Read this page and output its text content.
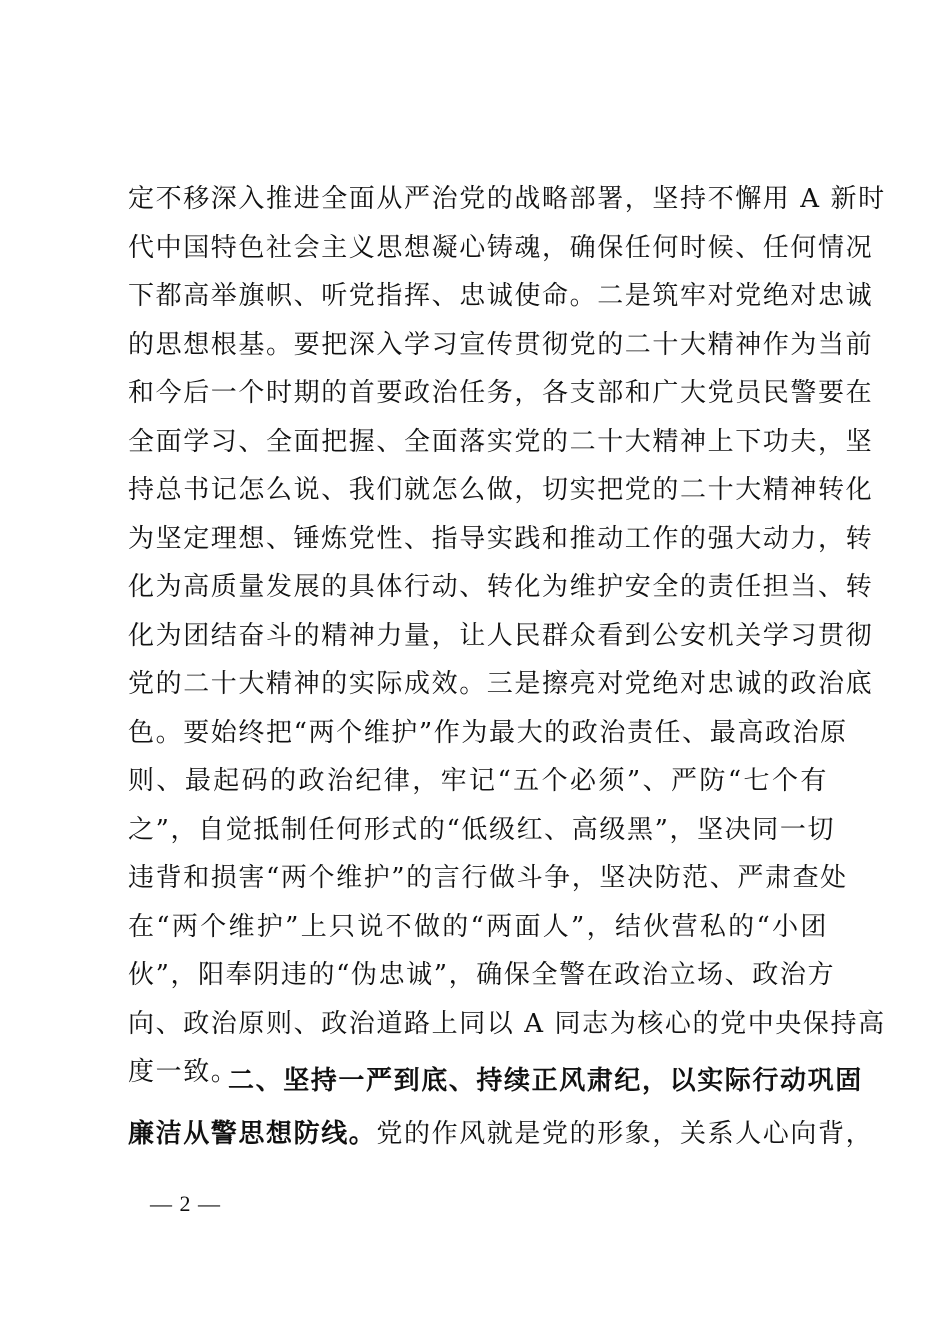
定不移深入推进全面从严治党的战略部署，坚持不懈用 A 新时
代中国特色社会主义思想凝心铸魂，确保任何时候、任何情况
下都高举旗帜、听党指挥、忠诚使命。二是筑牢对党绝对忠诚
的思想根基。要把深入学习宣传贯彻党的二十大精神作为当前
和今后一个时期的首要政治任务，各支部和广大党员民警要在
全面学习、全面把握、全面落实党的二十大精神上下功夫，坚
持总书记怎么说、我们就怎么做，切实把党的二十大精神转化
为坚定理想、锤炼党性、指导实践和推动工作的强大动力，转
化为高质量发展的具体行动、转化为维护安全的责任担当、转
化为团结奋斗的精神力量，让人民群众看到公安机关学习贯彻
党的二十大精神的实际成效。三是擦亮对党绝对忠诚的政治底
色。要始终把“两个维护”作为最大的政治责任、最高政治原
则、最起码的政治纪律，牢记“五个必须”、严防“七个有
之”，自觉抵制任何形式的“低级红、高级黑”，坚决同一切
违背和损害“两个维护”的言行做斗争，坚决防范、严肃查处
在“两个维护”上只说不做的“两面人”，结伙营私的“小团
伙”，阳奉阴违的“伪忠诚”，确保全警在政治立场、政治方
向、政治原则、政治道路上同以 A 同志为核心的党中央保持高
度一致。
二、坚持一严到底、持续正风肃纪，以实际行动巩固
廉洁从警思想防线。党的作风就是党的形象，关系人心向背，
— 2 —
